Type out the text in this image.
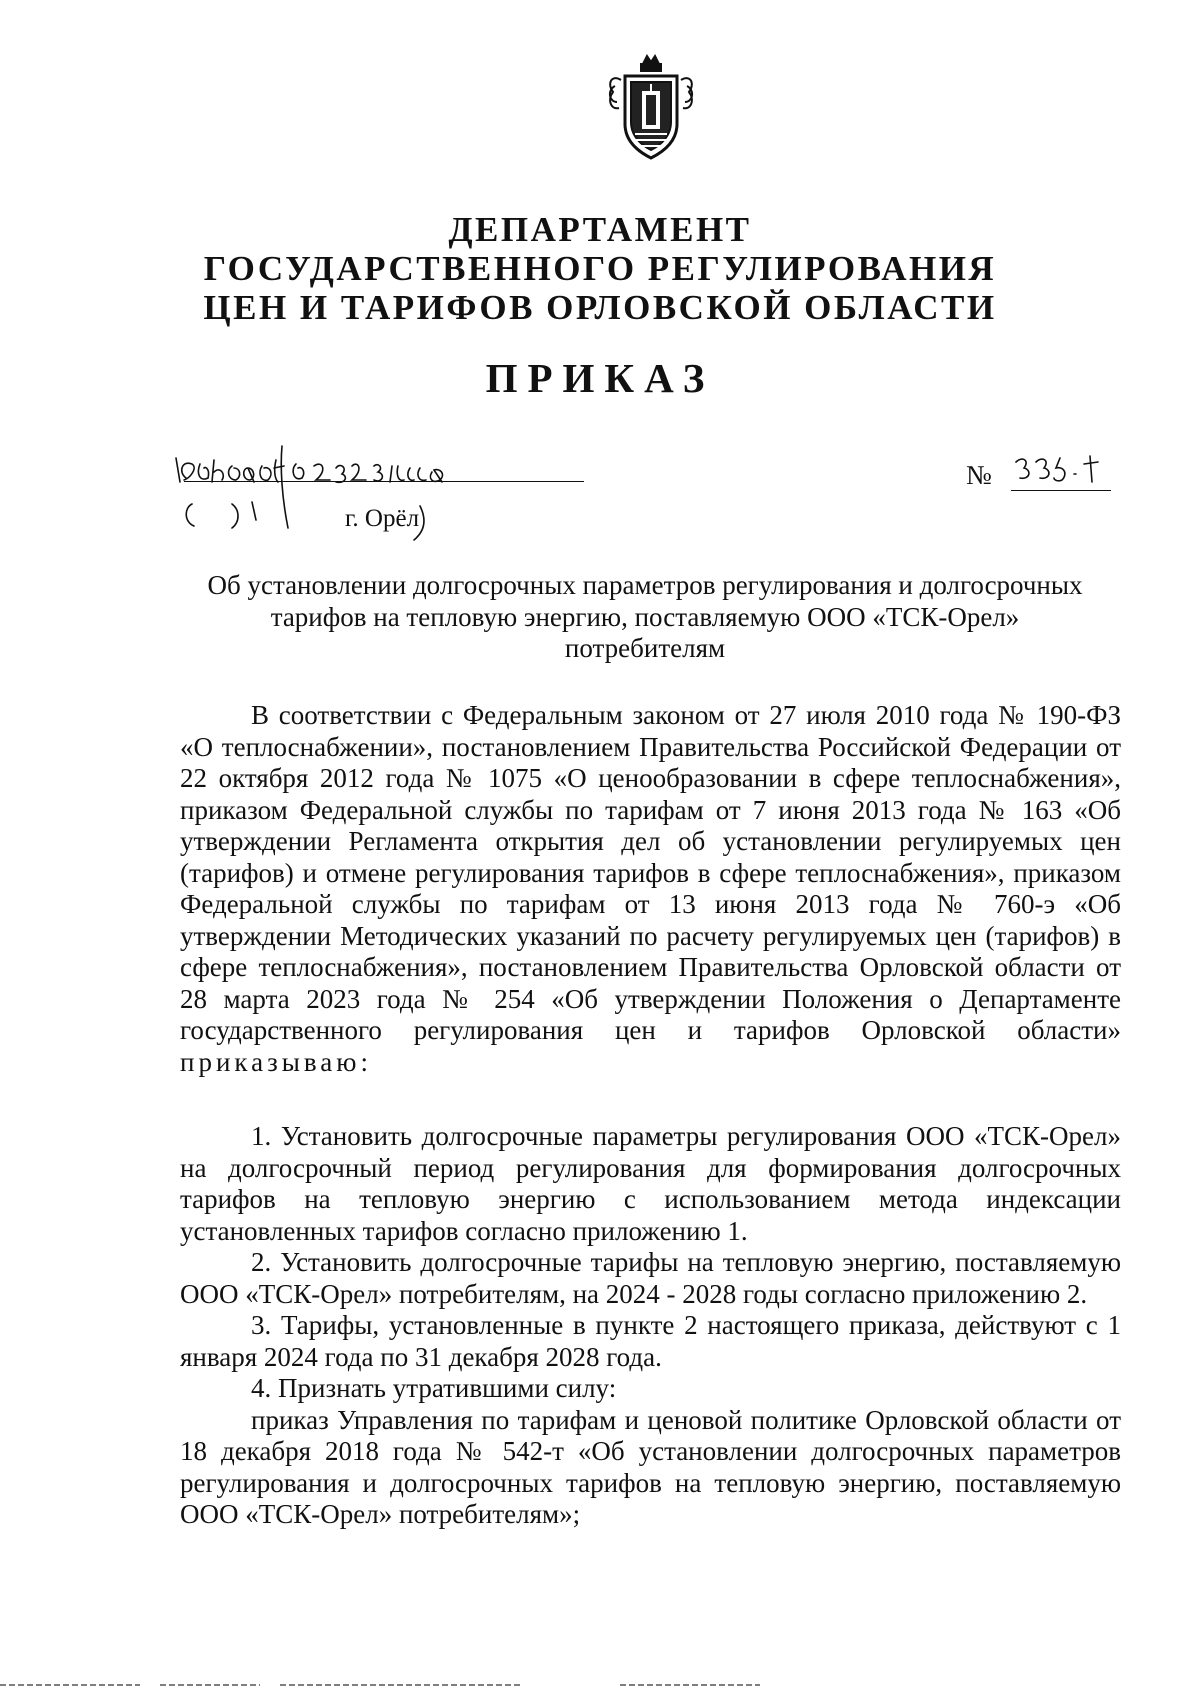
ДЕПАРТАМЕНТ
ГОСУДАРСТВЕННОГО РЕГУЛИРОВАНИЯ
ЦЕН И ТАРИФОВ ОРЛОВСКОЙ ОБЛАСТИ
ПРИКАЗ
г. Орёл
№
Об установлении долгосрочных параметров регулирования и долгосрочных
тарифов на тепловую энергию, поставляемую ООО «ТСК-Орел»
потребителям

В соответствии с Федеральным законом от 27 июля 2010 года № 190-ФЗ «О теплоснабжении», постановлением Правительства Российской Федерации от 22 октября 2012 года № 1075 «О ценообразовании в сфере теплоснабжения», приказом Федеральной службы по тарифам от 7 июня 2013 года № 163 «Об утверждении Регламента открытия дел об установлении регулируемых цен (тарифов) и отмене регулирования тарифов в сфере теплоснабжения», приказом Федеральной службы по тарифам от 13 июня 2013 года № 760-э «Об утверждении Методических указаний по расчету регулируемых цен (тарифов) в сфере теплоснабжения», постановлением Правительства Орловской области от 28 марта 2023 года № 254 «Об утверждении Положения о Департаменте государственного регулирования цен и тарифов Орловской области» приказываю:

1. Установить долгосрочные параметры регулирования ООО «ТСК-Орел» на долгосрочный период регулирования для формирования долгосрочных тарифов на тепловую энергию с использованием метода индексации установленных тарифов согласно приложению 1.

2. Установить долгосрочные тарифы на тепловую энергию, поставляемую ООО «ТСК-Орел» потребителям, на 2024 - 2028 годы согласно приложению 2.

3. Тарифы, установленные в пункте 2 настоящего приказа, действуют с 1 января 2024 года по 31 декабря 2028 года.

4. Признать утратившими силу:

приказ Управления по тарифам и ценовой политике Орловской области от 18 декабря 2018 года № 542-т «Об установлении долгосрочных параметров регулирования и долгосрочных тарифов на тепловую энергию, поставляемую ООО «ТСК-Орел» потребителям»;
